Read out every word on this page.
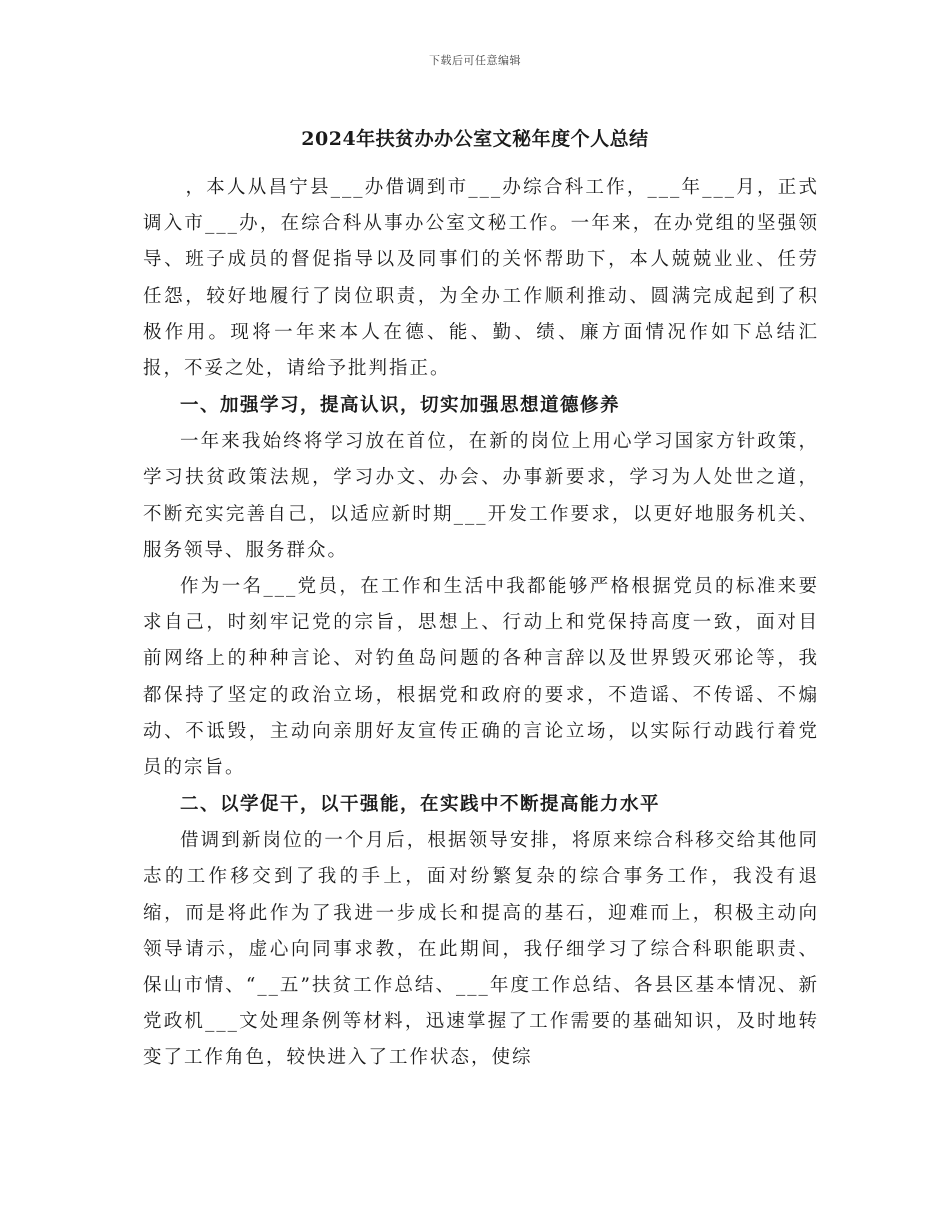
下载后可任意编辑
2024年扶贫办办公室文秘年度个人总结

，本人从昌宁县___办借调到市___办综合科工作，___年___月，正式调入市___办，在综合科从事办公室文秘工作。一年来，在办党组的坚强领导、班子成员的督促指导以及同事们的关怀帮助下，本人兢兢业业、任劳任怨，较好地履行了岗位职责，为全办工作顺利推动、圆满完成起到了积极作用。现将一年来本人在德、能、勤、绩、廉方面情况作如下总结汇报，不妥之处，请给予批判指正。

一、加强学习，提高认识，切实加强思想道德修养

一年来我始终将学习放在首位，在新的岗位上用心学习国家方针政策，学习扶贫政策法规，学习办文、办会、办事新要求，学习为人处世之道，不断充实完善自己，以适应新时期___开发工作要求，以更好地服务机关、服务领导、服务群众。

作为一名___党员，在工作和生活中我都能够严格根据党员的标准来要求自己，时刻牢记党的宗旨，思想上、行动上和党保持高度一致，面对目前网络上的种种言论、对钓鱼岛问题的各种言辞以及世界毁灭邪论等，我都保持了坚定的政治立场，根据党和政府的要求，不造谣、不传谣、不煽动、不诋毁，主动向亲朋好友宣传正确的言论立场，以实际行动践行着党员的宗旨。

二、以学促干，以干强能，在实践中不断提高能力水平

借调到新岗位的一个月后，根据领导安排，将原来综合科移交给其他同志的工作移交到了我的手上，面对纷繁复杂的综合事务工作，我没有退缩，而是将此作为了我进一步成长和提高的基石，迎难而上，积极主动向领导请示，虚心向同事求教，在此期间，我仔细学习了综合科职能职责、保山市情、“__五”扶贫工作总结、___年度工作总结、各县区基本情况、新党政机___文处理条例等材料，迅速掌握了工作需要的基础知识，及时地转变了工作角色，较快进入了工作状态，使综
